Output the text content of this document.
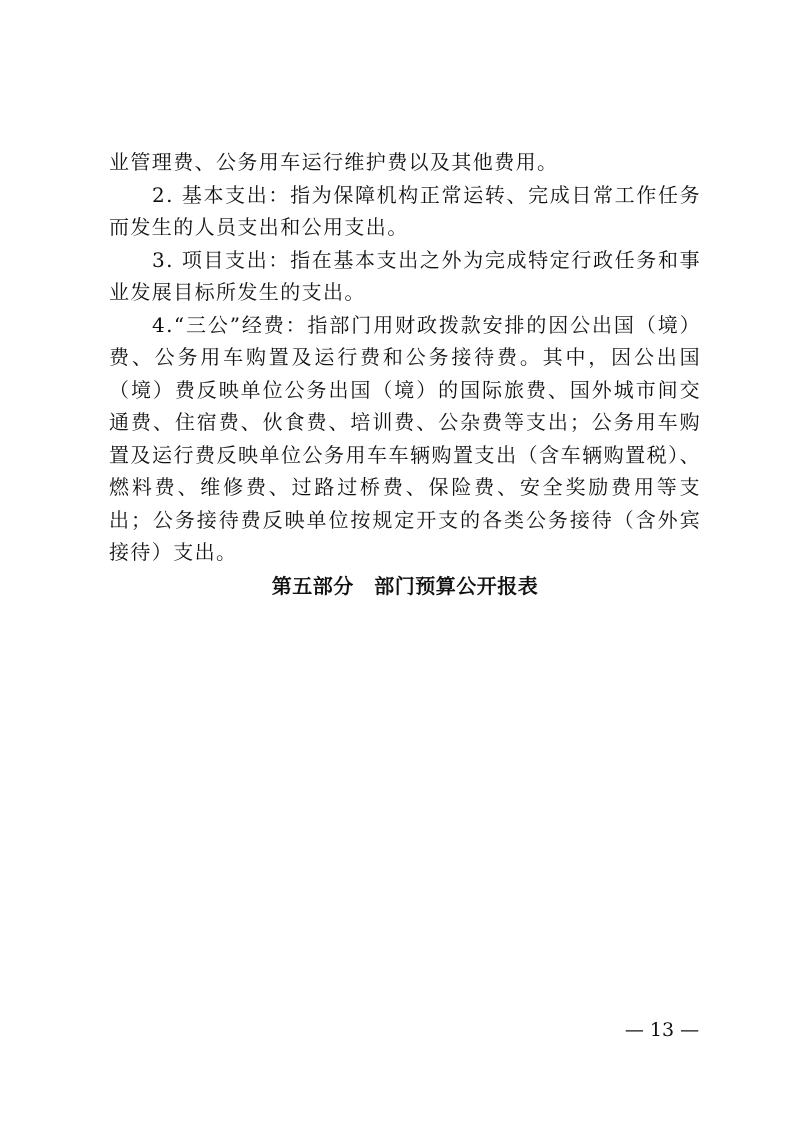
业管理费、公务用车运行维护费以及其他费用。

2. 基本支出：指为保障机构正常运转、完成日常工作任务而发生的人员支出和公用支出。

3. 项目支出：指在基本支出之外为完成特定行政任务和事业发展目标所发生的支出。

4.“三公”经费：指部门用财政拨款安排的因公出国（境）费、公务用车购置及运行费和公务接待费。其中，因公出国（境）费反映单位公务出国（境）的国际旅费、国外城市间交通费、住宿费、伙食费、培训费、公杂费等支出；公务用车购置及运行费反映单位公务用车车辆购置支出（含车辆购置税）、燃料费、维修费、过路过桥费、保险费、安全奖励费用等支出；公务接待费反映单位按规定开支的各类公务接待（含外宾接待）支出。

第五部分　部门预算公开报表
— 13 —
